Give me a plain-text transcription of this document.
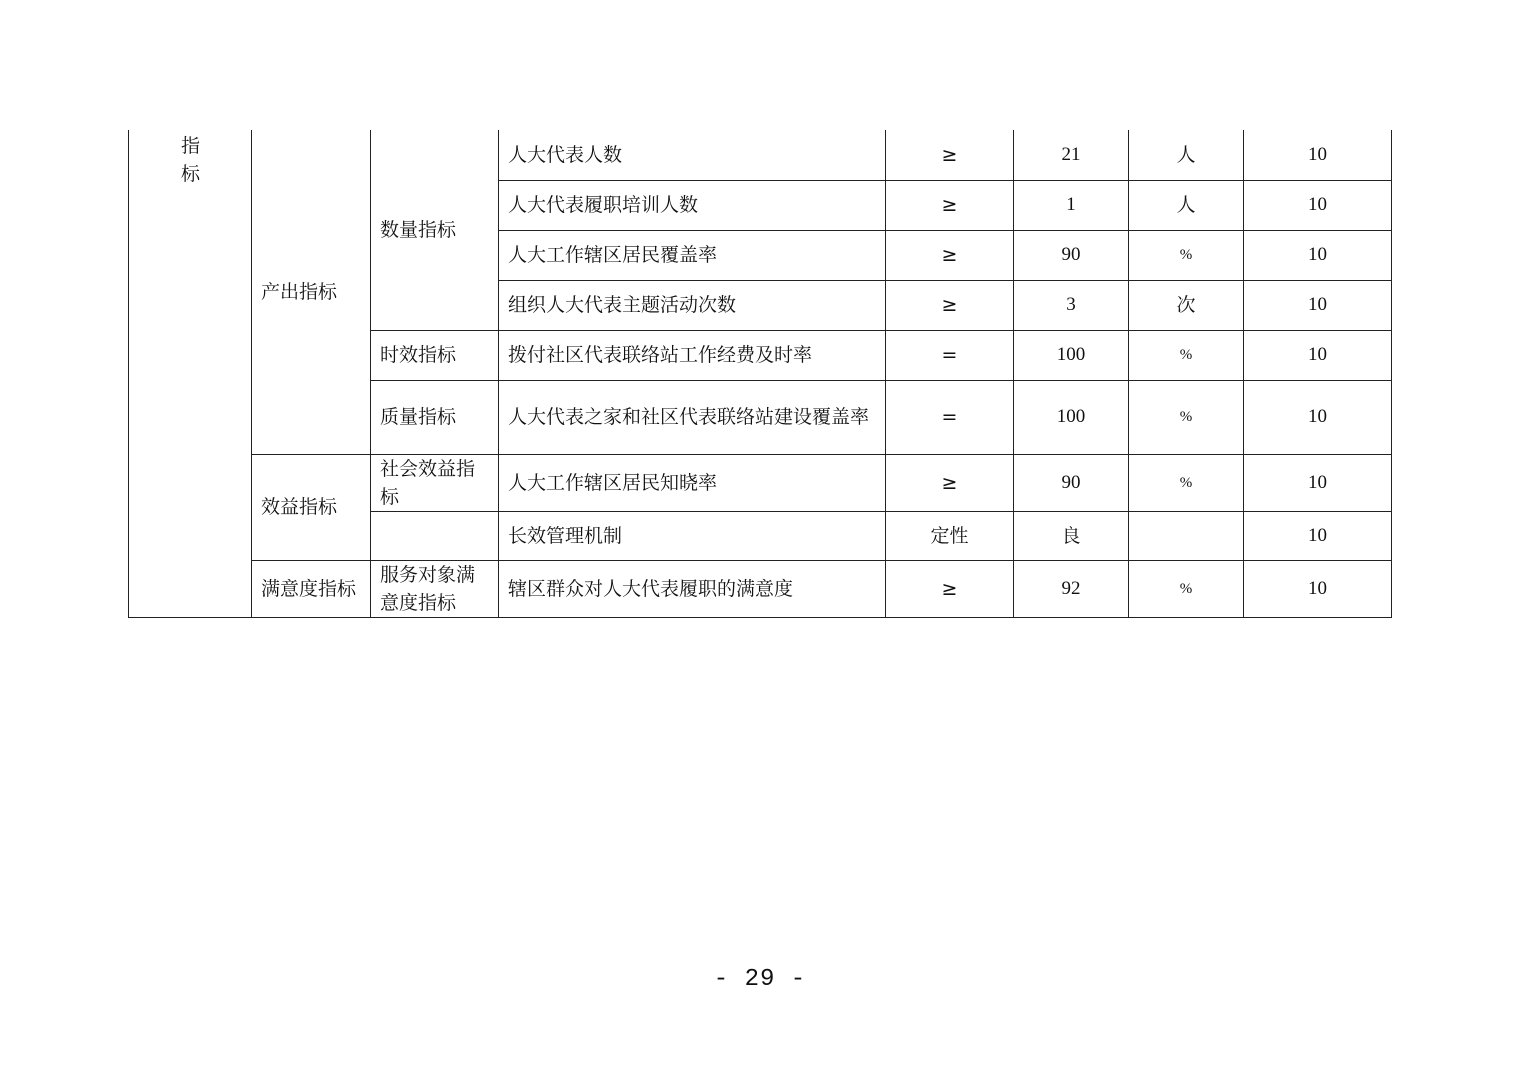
指
标	产出指标	数量指标	人大代表人数	≥	21	人	10
			人大代表履职培训人数	≥	1	人	10
			人大工作辖区居民覆盖率	≥	90	%	10
			组织人大代表主题活动次数	≥	3	次	10
		时效指标	拨付社区代表联络站工作经费及时率	=	100	%	10
		质量指标	人大代表之家和社区代表联络站建设覆盖率	=	100	%	10
	效益指标	社会效益指标	人大工作辖区居民知晓率	≥	90	%	10
			长效管理机制	定性	良		10
	满意度指标	服务对象满意度指标	辖区群众对人大代表履职的满意度	≥	92	%	10
- 29 -
